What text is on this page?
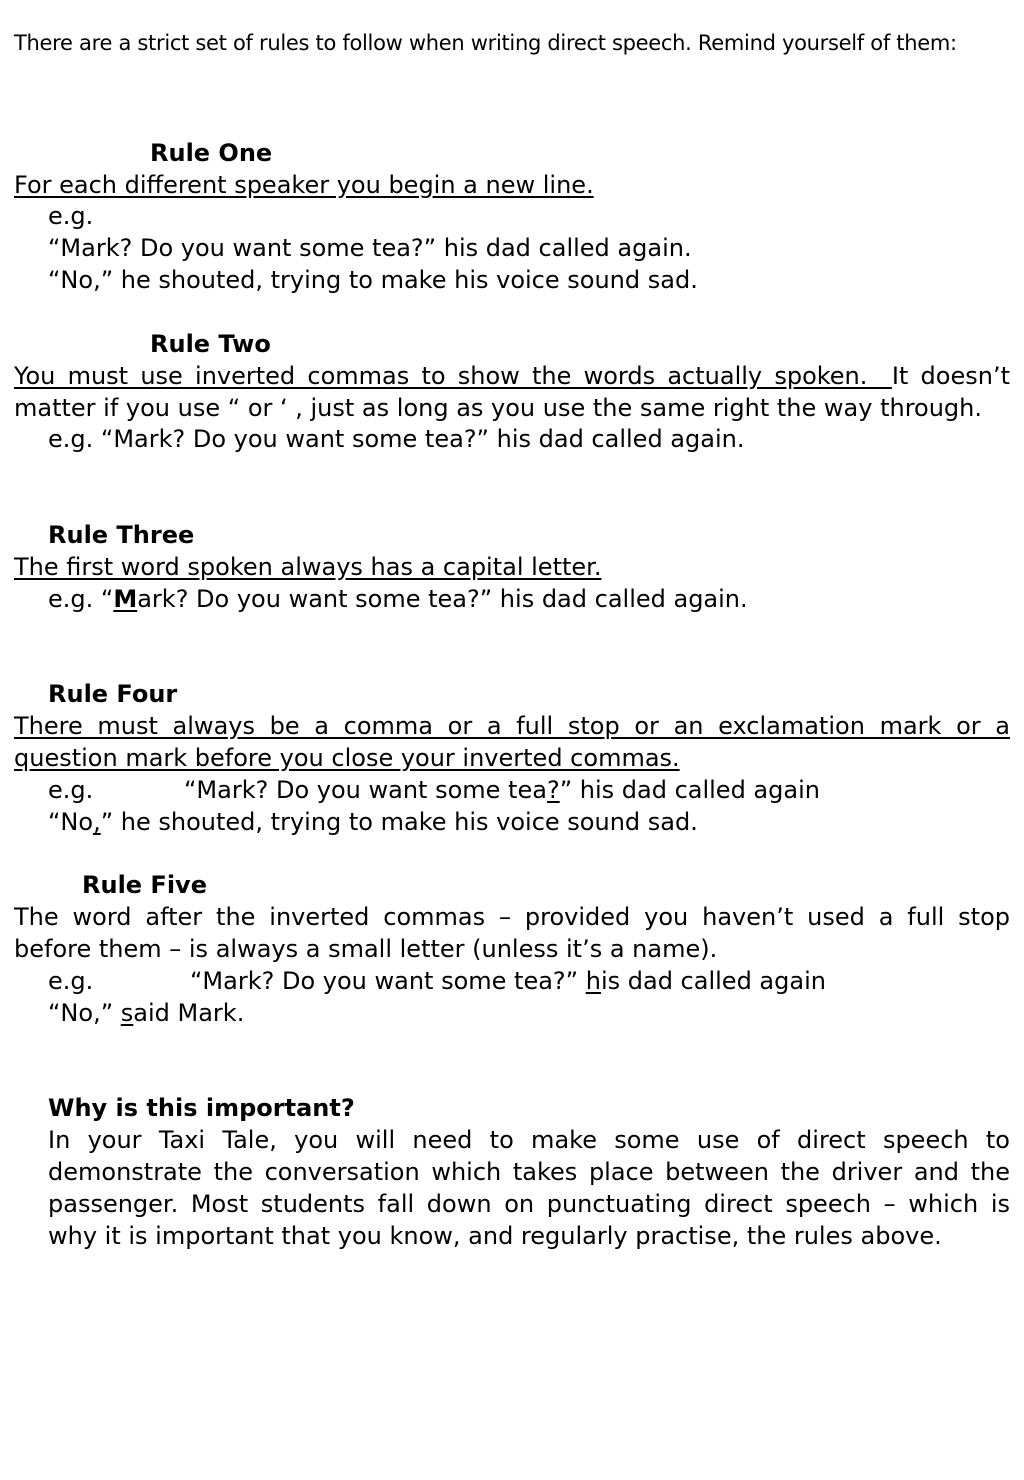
There are a strict set of rules to follow when writing direct speech. Remind yourself of them:
Rule One
For each different speaker you begin a new line.
e.g.
“Mark? Do you want some tea?” his dad called again.
“No,” he shouted, trying to make his voice sound sad.
Rule Two
You must use inverted commas to show the words actually spoken.  It doesn’t matter if you use “ or ‘ , just as long as you use the same right the way through.
e.g. “Mark? Do you want some tea?” his dad called again.
Rule Three
The first word spoken always has a capital letter.
e.g. “Mark? Do you want some tea?” his dad called again.
Rule Four
There must always be a comma or a full stop or an exclamation mark or a question mark before you close your inverted commas.
e.g.	“Mark? Do you want some tea?” his dad called again
“No,” he shouted, trying to make his voice sound sad.
Rule Five
The word after the inverted commas – provided you haven’t used a full stop before them – is always a small letter (unless it’s a name).
e.g.	“Mark? Do you want some tea?” his dad called again
“No,” said Mark.
Why is this important?
In your Taxi Tale, you will need to make some use of direct speech to demonstrate the conversation which takes place between the driver and the passenger. Most students fall down on punctuating direct speech – which is why it is important that you know, and regularly practise, the rules above.
